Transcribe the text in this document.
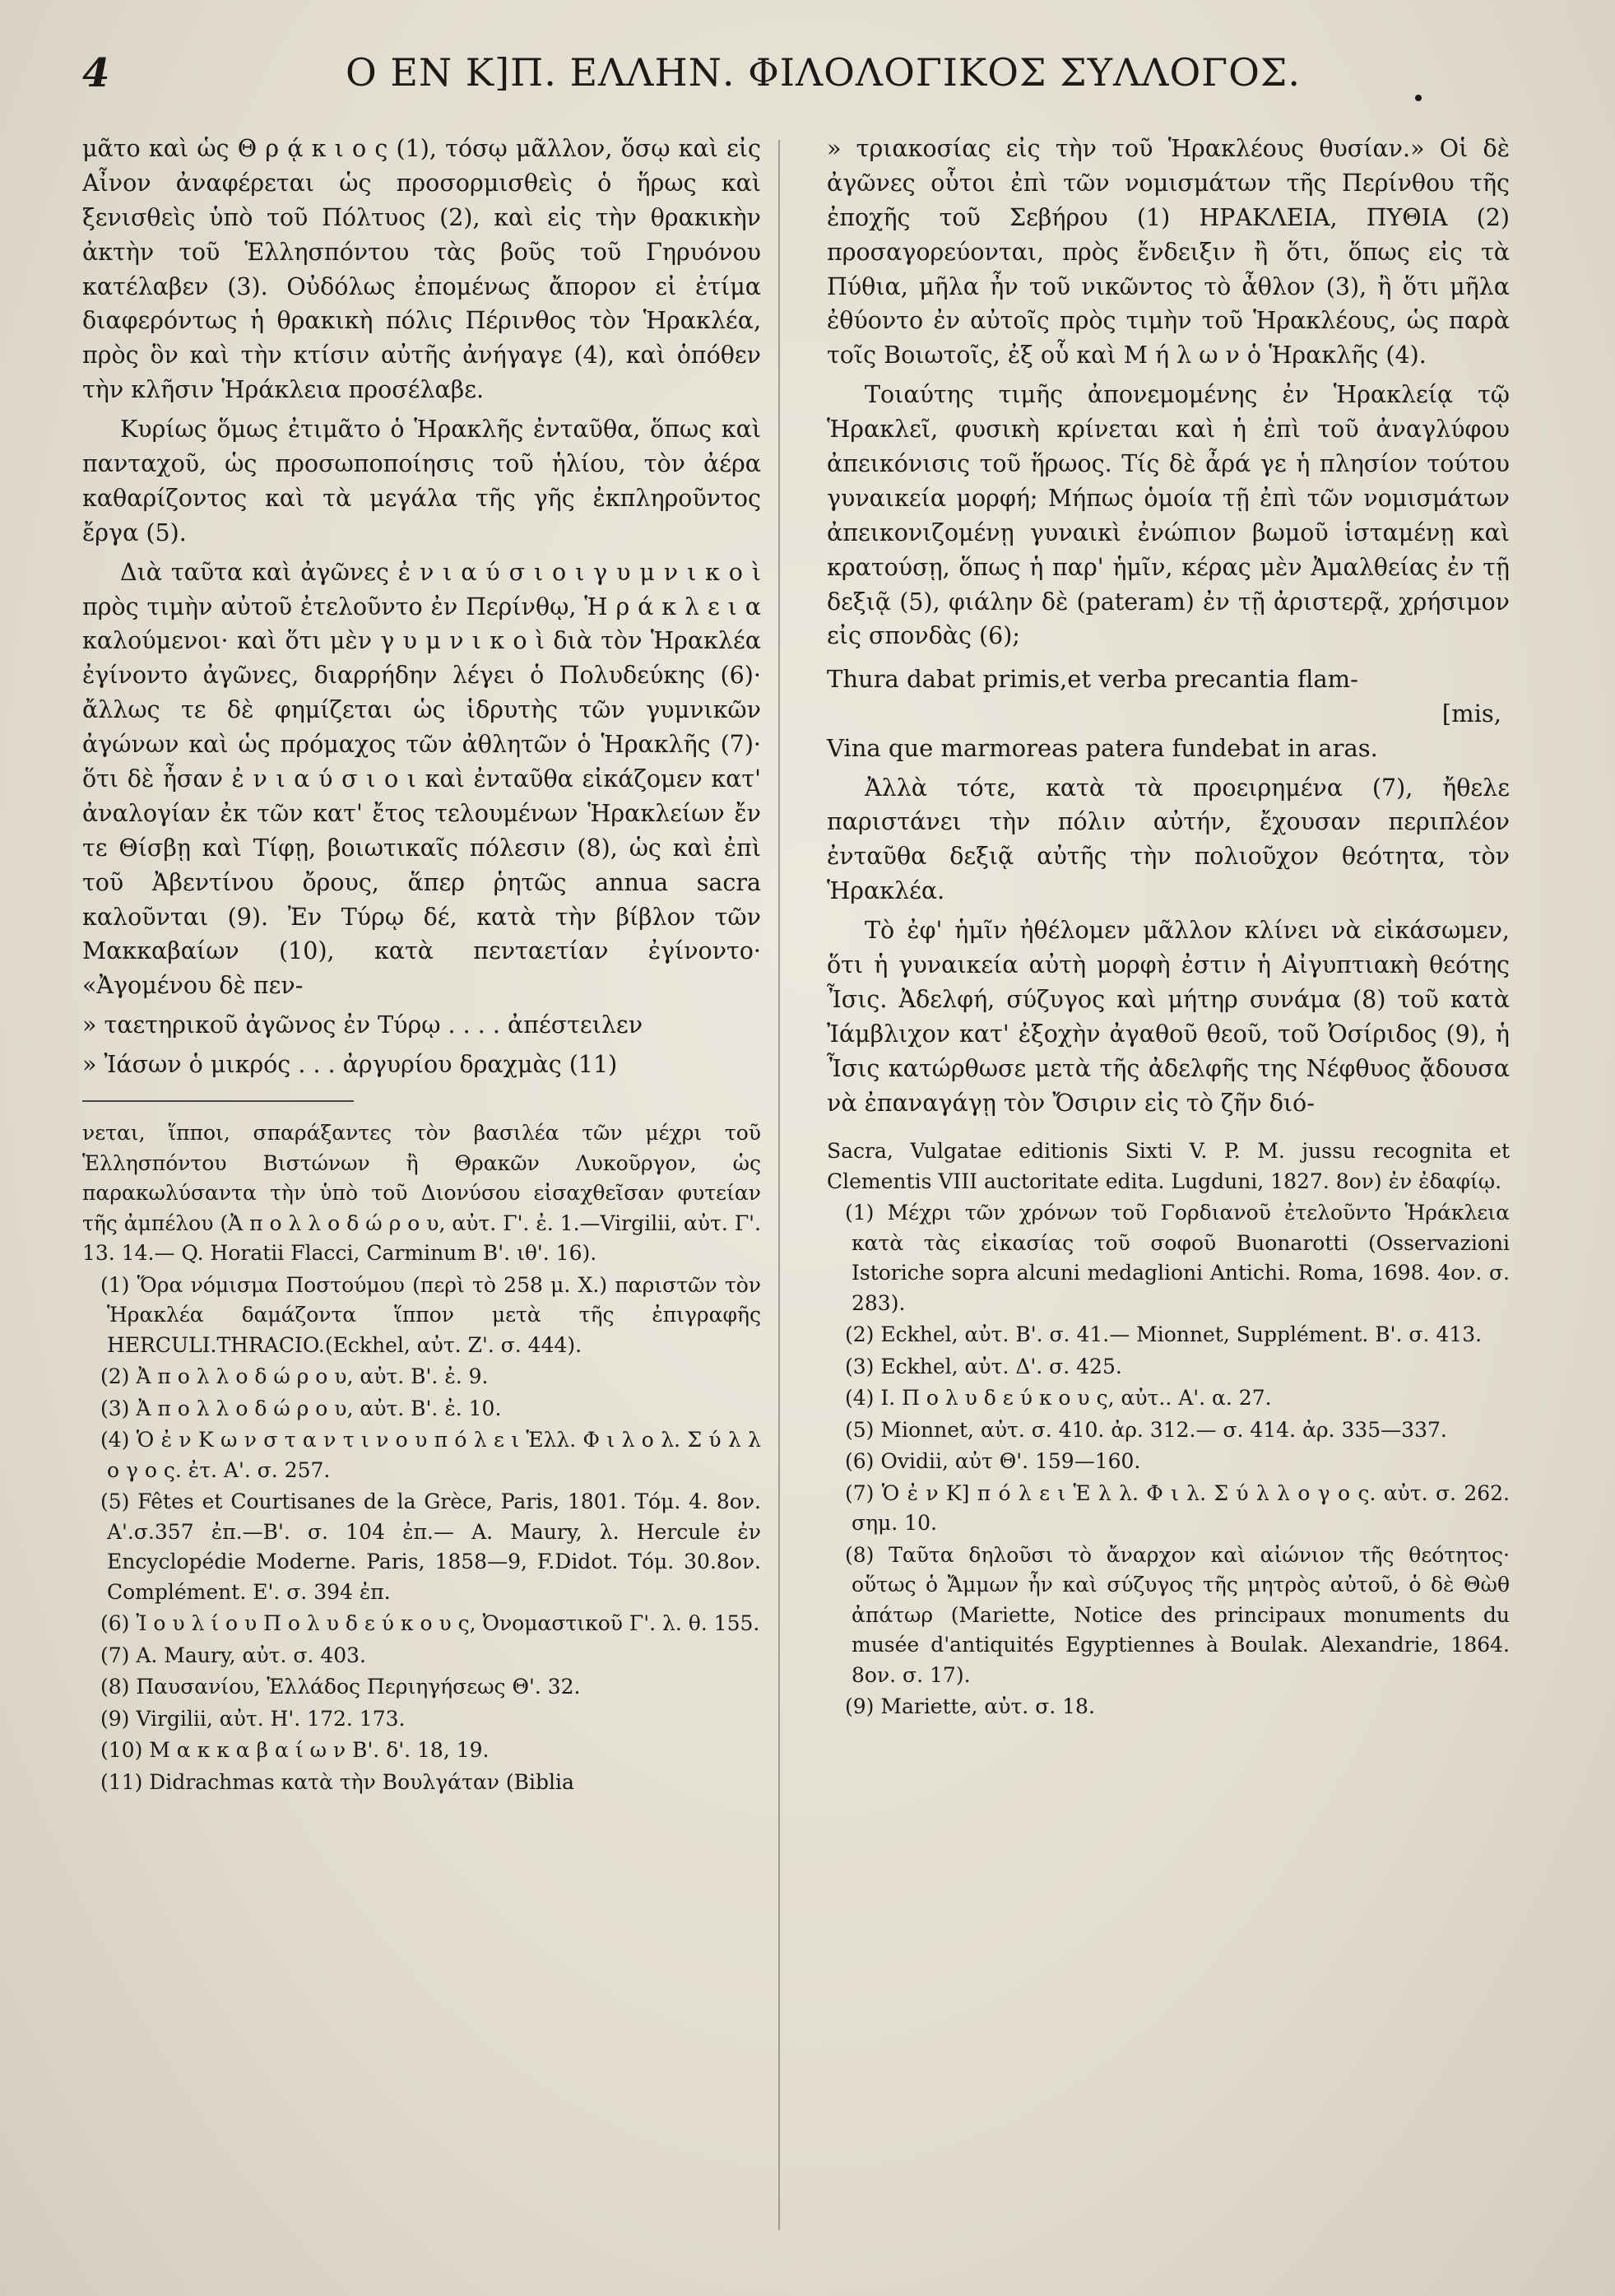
4	Ο ΕΝ Κ]Π. ΕΛΛΗΝ. ΦΙΛΟΛΟΓΙΚΟΣ ΣΥΛΛΟΓΟΣ.

μᾶτο καὶ ὡς Θ ρ ᾴ κ ι ο ς (1), τόσῳ μᾶλλον, ὅσῳ καὶ εἰς Αἶνον ἀναφέρεται ὡς προσορμισθεὶς ὁ ἥρως καὶ ξενισθεὶς ὑπὸ τοῦ Πόλτυος (2), καὶ εἰς τὴν θρακικὴν ἀκτὴν τοῦ Ἑλλησπόντου τὰς βοῦς τοῦ Γηρυόνου κατέλαβεν (3). Οὐδόλως ἐπομένως ἄπορον εἰ ἐτίμα διαφερόντως ἡ θρακικὴ πόλις Πέρινθος τὸν Ἡρακλέα, πρὸς ὃν καὶ τὴν κτίσιν αὐτῆς ἀνήγαγε (4), καὶ ὁπόθεν τὴν κλῆσιν Ἡράκλεια προσέλαβε.

Κυρίως ὅμως ἐτιμᾶτο ὁ Ἡρακλῆς ἐνταῦθα, ὅπως καὶ πανταχοῦ, ὡς προσωποποίησις τοῦ ἡλίου, τὸν ἀέρα καθαρίζοντος καὶ τὰ μεγάλα τῆς γῆς ἐκπληροῦντος ἔργα (5).

Διὰ ταῦτα καὶ ἀγῶνες ἐ ν ι α ύ σ ι ο ι γ υ μ ν ι κ ο ὶ πρὸς τιμὴν αὐτοῦ ἐτελοῦντο ἐν Περίνθῳ, Ἡ ρ ά κ λ ε ι α καλούμενοι· καὶ ὅτι μὲν γ υ μ ν ι κ ο ὶ διὰ τὸν Ἡρακλέα ἐγίνοντο ἀγῶνες, διαρρήδην λέγει ὁ Πολυδεύκης (6)· ἄλλως τε δὲ φημίζεται ὡς ἱδρυτὴς τῶν γυμνικῶν ἀγώνων καὶ ὡς πρόμαχος τῶν ἀθλητῶν ὁ Ἡρακλῆς (7)· ὅτι δὲ ἦσαν ἐ ν ι α ύ σ ι ο ι καὶ ἐνταῦθα εἰκάζομεν κατ' ἀναλογίαν ἐκ τῶν κατ' ἔτος τελουμένων Ἡρακλείων ἔν τε Θίσβῃ καὶ Τίφῃ, βοιωτικαῖς πόλεσιν (8), ὡς καὶ ἐπὶ τοῦ Ἀβεντίνου ὄρους, ἅπερ ῥητῶς annua sacra καλοῦνται (9). Ἐν Τύρῳ δέ, κατὰ τὴν βίβλον τῶν Μακκαβαίων (10), κατὰ πενταετίαν ἐγίνοντο· «Ἀγομένου δὲ πεν-

» ταετηρικοῦ ἀγῶνος ἐν Τύρῳ . . . . ἀπέστειλεν

» Ἰάσων ὁ μικρός . . . ἀργυρίου δραχμὰς (11)

νεται, ἵπποι, σπαράξαντες τὸν βασιλέα τῶν μέχρι τοῦ Ἑλλησπόντου Βιστώνων ἢ Θρακῶν Λυκοῦργον, ὡς παρακωλύσαντα τὴν ὑπὸ τοῦ Διονύσου εἰσαχθεῖσαν φυτείαν τῆς ἀμπέλου (Ἀ π ο λ λ ο δ ώ ρ ο υ, αὐτ. Γ'. ἐ. 1.—Virgilii, αὐτ. Γ'. 13. 14.— Q. Horatii Flacci, Carminum Β'. ιθ'. 16).

(1) Ὅρα νόμισμα Ποστούμου (περὶ τὸ 258 μ. Χ.) παριστῶν τὸν Ἡρακλέα δαμάζοντα ἵππον μετὰ τῆς ἐπιγραφῆς HERCULI.THRACIO.(Eckhel, αὐτ. Ζ'. σ. 444).

(2) Ἀ π ο λ λ ο δ ώ ρ ο υ, αὐτ. Β'. ἐ. 9.

(3) Ἀ π ο λ λ ο δ ώ ρ ο υ, αὐτ. Β'. ἐ. 10.

(4) Ὁ ἐ ν Κ ω ν σ τ α ν τ ι ν ο υ π ό λ ε ι Ἑλλ. Φ ι λ ο λ. Σ ύ λ λ ο γ ο ς. ἐτ. Α'. σ. 257.

(5) Fêtes et Courtisanes de la Grèce, Paris, 1801. Τόμ. 4. 8ον. Α'.σ.357 ἐπ.—Β'. σ. 104 ἐπ.— A. Maury, λ. Hercule ἐν Encyclopédie Moderne. Paris, 1858—9, F.Didot. Τόμ. 30.8ον. Complément. Ε'. σ. 394 ἐπ.

(6) Ἰ ο υ λ ί ο υ Π ο λ υ δ ε ύ κ ο υ ς, Ὀνομαστικοῦ Γ'. λ. θ. 155.

(7) A. Maury, αὐτ. σ. 403.

(8) Παυσανίου, Ἑλλάδος Περιηγήσεως Θ'. 32.

(9) Virgilii, αὐτ. Η'. 172. 173.

(10) Μ α κ κ α β α ί ω ν Β'. δ'. 18, 19.

(11) Didrachmas κατὰ τὴν Βουλγάταν (Biblia

» τριακοσίας εἰς τὴν τοῦ Ἡρακλέους θυσίαν.» Οἱ δὲ ἀγῶνες οὗτοι ἐπὶ τῶν νομισμάτων τῆς Περίνθου τῆς ἐποχῆς τοῦ Σεβήρου (1) ΗΡΑΚΛΕΙΑ, ΠΥΘΙΑ (2) προσαγορεύονται, πρὸς ἔνδειξιν ἢ ὅτι, ὅπως εἰς τὰ Πύθια, μῆλα ἦν τοῦ νικῶντος τὸ ἆθλον (3), ἢ ὅτι μῆλα ἐθύοντο ἐν αὐτοῖς πρὸς τιμὴν τοῦ Ἡρακλέους, ὡς παρὰ τοῖς Βοιωτοῖς, ἐξ οὗ καὶ Μ ή λ ω ν ὁ Ἡρακλῆς (4).

Τοιαύτης τιμῆς ἀπονεμομένης ἐν Ἡρακλείᾳ τῷ Ἡρακλεῖ, φυσικὴ κρίνεται καὶ ἡ ἐπὶ τοῦ ἀναγλύφου ἀπεικόνισις τοῦ ἥρωος. Τίς δὲ ἆρά γε ἡ πλησίον τούτου γυναικεία μορφή; Μήπως ὁμοία τῇ ἐπὶ τῶν νομισμάτων ἀπεικονιζομένῃ γυναικὶ ἐνώπιον βωμοῦ ἱσταμένῃ καὶ κρατούσῃ, ὅπως ἡ παρ' ἡμῖν, κέρας μὲν Ἀμαλθείας ἐν τῇ δεξιᾷ (5), φιάλην δὲ (pateram) ἐν τῇ ἀριστερᾷ, χρήσιμον εἰς σπονδὰς (6);

Thura dabat primis,et verba precantia flam-
[mis,
Vina que marmoreas patera fundebat in aras.

Ἀλλὰ τότε, κατὰ τὰ προειρημένα (7), ἤθελε παριστάνει τὴν πόλιν αὐτήν, ἔχουσαν περιπλέον ἐνταῦθα δεξιᾷ αὐτῆς τὴν πολιοῦχον θεότητα, τὸν Ἡρακλέα.

Τὸ ἐφ' ἡμῖν ἠθέλομεν μᾶλλον κλίνει νὰ εἰκάσωμεν, ὅτι ἡ γυναικεία αὐτὴ μορφὴ ἐστιν ἡ Αἰγυπτιακὴ θεότης Ἶσις. Ἀδελφή, σύζυγος καὶ μήτηρ συνάμα (8) τοῦ κατὰ Ἰάμβλιχον κατ' ἐξοχὴν ἀγαθοῦ θεοῦ, τοῦ Ὀσίριδος (9), ἡ Ἶσις κατώρθωσε μετὰ τῆς ἀδελφῆς της Νέφθυος ᾄδουσα νὰ ἐπαναγάγῃ τὸν Ὄσιριν εἰς τὸ ζῆν διό-

Sacra, Vulgatae editionis Sixti V. P. M. jussu recognita et Clementis VIII auctoritate edita. Lugduni, 1827. 8ον) ἐν ἐδαφίῳ.

(1) Μέχρι τῶν χρόνων τοῦ Γορδιανοῦ ἐτελοῦντο Ἡράκλεια κατὰ τὰς εἰκασίας τοῦ σοφοῦ Buonarotti (Osservazioni Istoriche sopra alcuni medaglioni Antichi. Roma, 1698. 4ον. σ. 283).

(2) Eckhel, αὐτ. Β'. σ. 41.— Mionnet, Supplément. Β'. σ. 413.

(3) Eckhel, αὐτ. Δ'. σ. 425.

(4) Ι. Π ο λ υ δ ε ύ κ ο υ ς, αὐτ.. Α'. α. 27.

(5) Mionnet, αὐτ. σ. 410. ἀρ. 312.— σ. 414. ἀρ. 335—337.

(6) Ovidii, αὐτ Θ'. 159—160.

(7) Ὁ ἐ ν Κ] π ό λ ε ι Ἑ λ λ. Φ ι λ. Σ ύ λ λ ο γ ο ς. αὐτ. σ. 262. σημ. 10.

(8) Ταῦτα δηλοῦσι τὸ ἄναρχον καὶ αἰώνιον τῆς θεότητος· οὕτως ὁ Ἄμμων ἦν καὶ σύζυγος τῆς μητρὸς αὐτοῦ, ὁ δὲ Θὼθ ἀπάτωρ (Mariette, Notice des principaux monuments du musée d'antiquités Egyptiennes à Boulak. Alexandrie, 1864. 8ον. σ. 17).

(9) Mariette, αὐτ. σ. 18.
